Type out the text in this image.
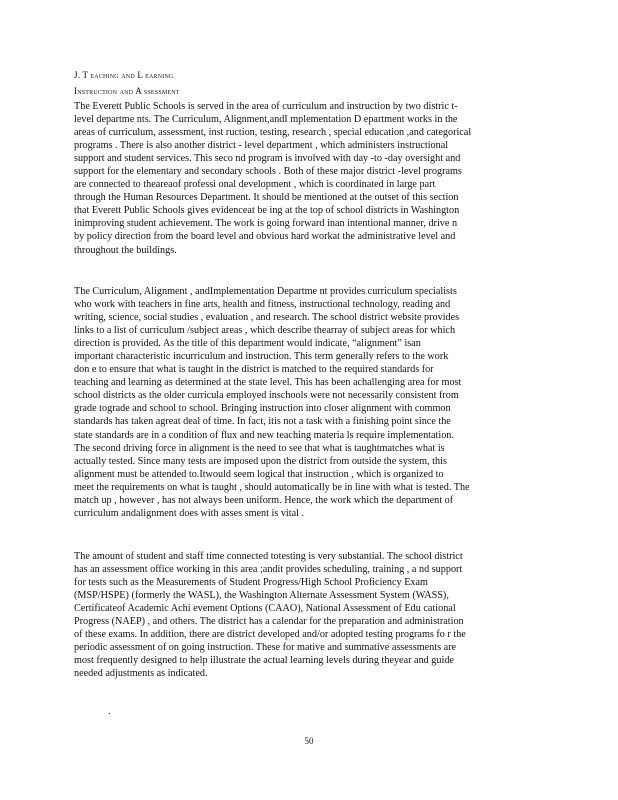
J. T eaching and L earning
Instruction and A ssessment
The Everett Public Schools is served in the area of curriculum and instruction by two distric t-
level departme nts. The Curriculum, Alignment,andI mplementation D epartment works in the
areas of curriculum, assessment, inst ruction, testing, research , special education ,and categorical
programs . There is also another district - level department , which administers instructional
support and student services. This seco nd program is involved with day -to -day oversight and
support for the elementary and secondary schools . Both of these major district -level programs
are connected to theareaof professi onal development , which is coordinated in large part
through the Human Resources Department. It should be mentioned at the outset of this section
that Everett Public Schools gives evidenceat be ing at the top of school districts in Washington
inimproving student achievement. The work is going forward inan intentional manner, drive n
by policy direction from the board level and obvious hard workat the administrative level and
throughout the buildings.
The Curriculum, Alignment , andImplementation Departme nt provides curriculum specialists
who work with teachers in fine arts, health and fitness, instructional technology, reading and
writing, science, social studies , evaluation , and research. The school district website provides
links to a list of curriculum /subject areas , which describe thearray of subject areas for which
direction is provided. As the title of this department would indicate, “alignment” isan
important characteristic incurriculum and instruction. This term generally refers to the work
don e to ensure that what is taught in the district is matched to the required standards for
teaching and learning as determined at the state level. This has been achallenging area for most
school districts as the older curricula employed inschools were not necessarily consistent from
grade tograde and school to school. Bringing instruction into closer alignment with common
standards has taken agreat deal of time. In fact, itis not a task with a finishing point since the
state standards are in a condition of flux and new teaching materia ls require implementation.
The second driving force in alignment is the need to see that what is taughtmatches what is
actually tested. Since many tests are imposed upon the district from outside the system, this
alignment must be attended to.Itwould seem logical that instruction , which is organized to
meet the requirements on what is taught , should automatically be in line with what is tested. The
match up , however , has not always been uniform. Hence, the work which the department of
curriculum andalignment does with asses sment is vital .
The amount of student and staff time connected totesting is very substantial. The school district
has an assessment office working in this area ;andit provides scheduling, training , a nd support
for tests such as the Measurements of Student Progress/High School Proficiency Exam
(MSP/HSPE) (formerly the WASL), the Washington Alternate Assessment System (WASS),
Certificateof Academic Achi evement Options (CAAO), National Assessment of Edu cational
Progress (NAEP) , and others. The district has a calendar for the preparation and administration
of these exams. In addition, there are district developed and/or adopted testing programs fo r the
periodic assessment of on going instruction. These for mative and summative assessments are
most frequently designed to help illustrate the actual learning levels during theyear and guide
needed adjustments as indicated.
.
50
